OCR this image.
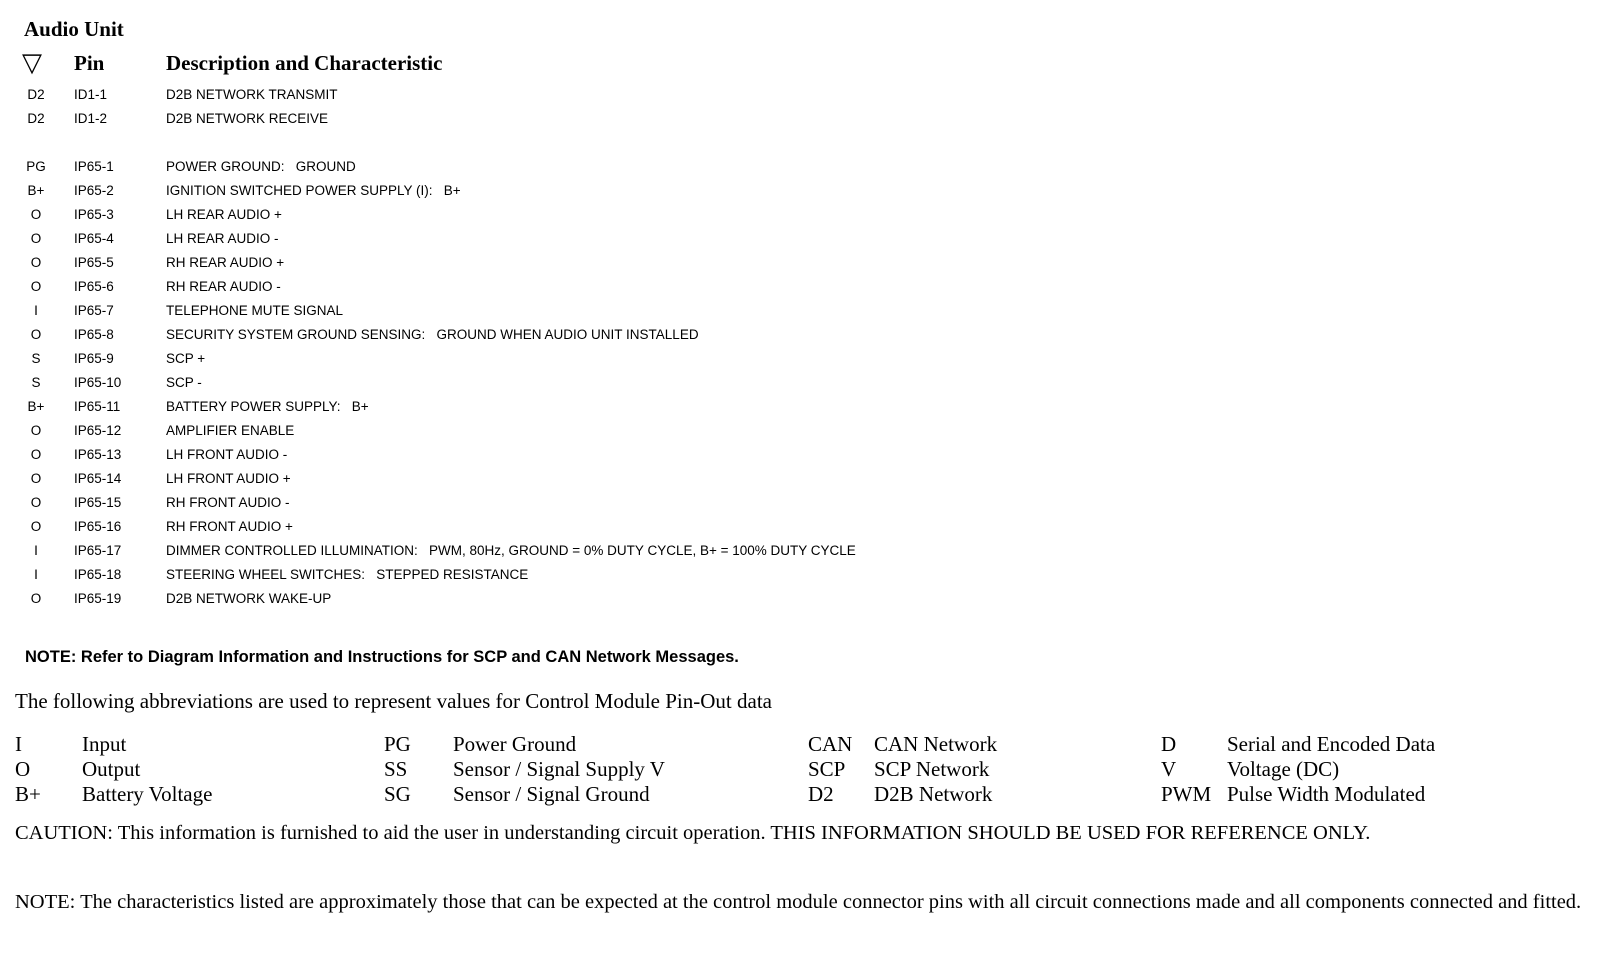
Audio Unit
▽	Pin	Description and Characteristic
D2	ID1-1	D2B NETWORK TRANSMIT
D2	ID1-2	D2B NETWORK RECEIVE
PG	IP65-1	POWER GROUND:   GROUND
B+	IP65-2	IGNITION SWITCHED POWER SUPPLY (I):   B+
O	IP65-3	LH REAR AUDIO +
O	IP65-4	LH REAR AUDIO -
O	IP65-5	RH REAR AUDIO +
O	IP65-6	RH REAR AUDIO -
I	IP65-7	TELEPHONE MUTE SIGNAL
O	IP65-8	SECURITY SYSTEM GROUND SENSING:   GROUND WHEN AUDIO UNIT INSTALLED
S	IP65-9	SCP +
S	IP65-10	SCP -
B+	IP65-11	BATTERY POWER SUPPLY:   B+
O	IP65-12	AMPLIFIER ENABLE
O	IP65-13	LH FRONT AUDIO -
O	IP65-14	LH FRONT AUDIO +
O	IP65-15	RH FRONT AUDIO -
O	IP65-16	RH FRONT AUDIO +
I	IP65-17	DIMMER CONTROLLED ILLUMINATION:   PWM, 80Hz, GROUND = 0% DUTY CYCLE, B+ = 100% DUTY CYCLE
I	IP65-18	STEERING WHEEL SWITCHES:   STEPPED RESISTANCE
O	IP65-19	D2B NETWORK WAKE-UP
NOTE: Refer to Diagram Information and Instructions for SCP and CAN Network Messages.
The following abbreviations are used to represent values for Control Module Pin-Out data
I	Input	PG Power Ground	CAN CAN Network	D Serial and Encoded Data
O Output	SS Sensor / Signal Supply V	SCP SCP Network	V Voltage (DC)
B+ Battery Voltage	SG Sensor / Signal Ground	D2 D2B Network	PWM Pulse Width Modulated
CAUTION: This information is furnished to aid the user in understanding circuit operation. THIS INFORMATION SHOULD BE USED FOR REFERENCE ONLY.
NOTE: The characteristics listed are approximately those that can be expected at the control module connector pins with all circuit connections made and all components connected and fitted.
